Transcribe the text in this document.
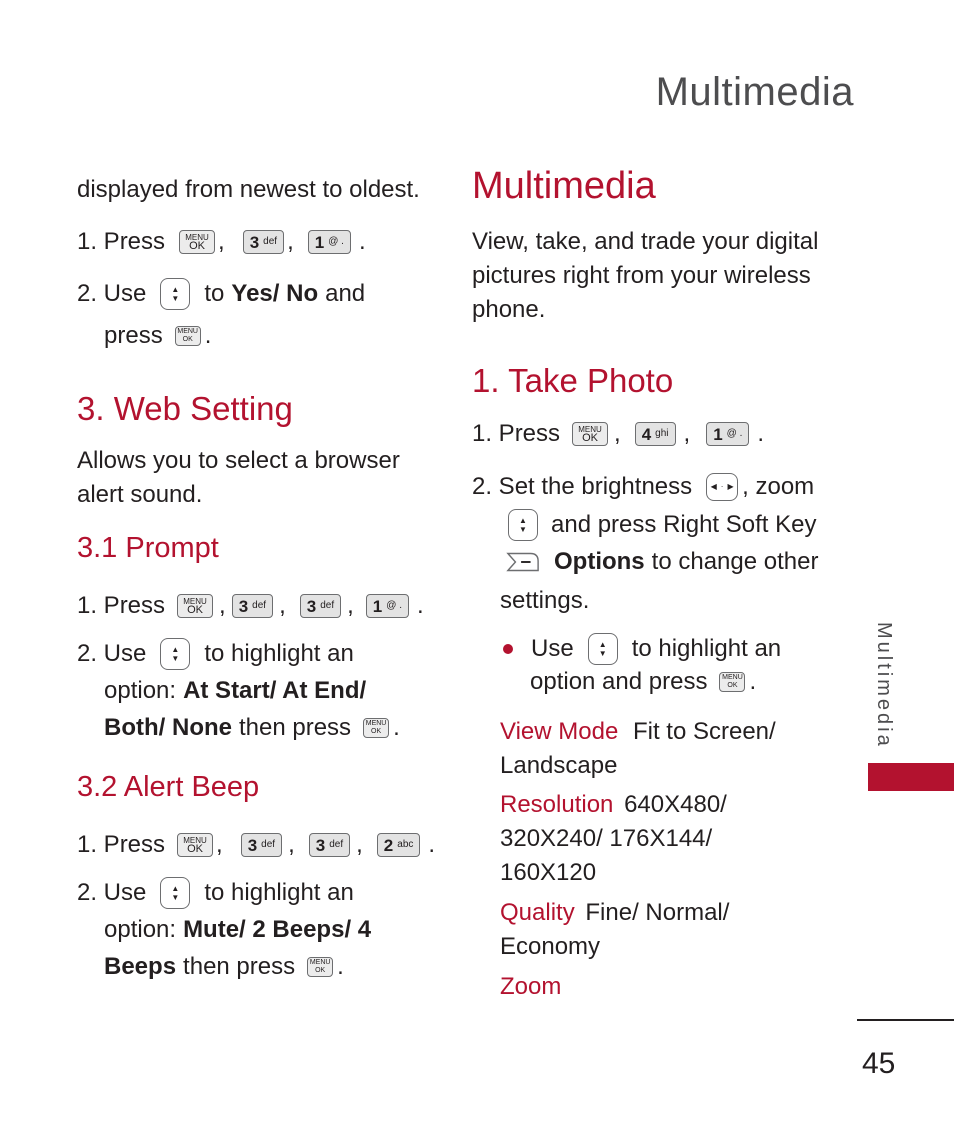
Multimedia
displayed from newest to oldest.
1. Press	MENU
OK , 3 def , 1 @ . .
2. Use	▲
▼ to Yes / No and
press MENU
OK .
3. Web Setting
Allows you to select a browser alert sound.
3.1 Prompt
1. Press MENU
OK , 3 def , 3 def , 1 @ . .
2. Use	▲
▼ to highlight an
option: At Start/ At End/
Both/ None then press MENU
OK .
3.2 Alert Beep
1. Press MENU
OK , 3 def , 3 def , 2 abc .
2. Use	▲
▼ to highlight an
option: Mute/ 2 Beeps/ 4
Beeps then press MENU
OK .
Multimedia
View, take, and trade your digital pictures right from your wireless phone.
1. Take Photo
1. Press MENU
OK , 4 ghi , 1 @ . .
2. Set the brightness ◀ · ▶ , zoom
▲
▼ and press Right Soft Key
Options to change other
settings.
Use	▲
▼ to highlight an
option and press MENU
OK .
View Mode Fit to Screen/
Landscape
Resolution 640X480/
320X240/ 176X144/
160X120
Quality Fine/ Normal/
Economy
Zoom
Multimedia
45
